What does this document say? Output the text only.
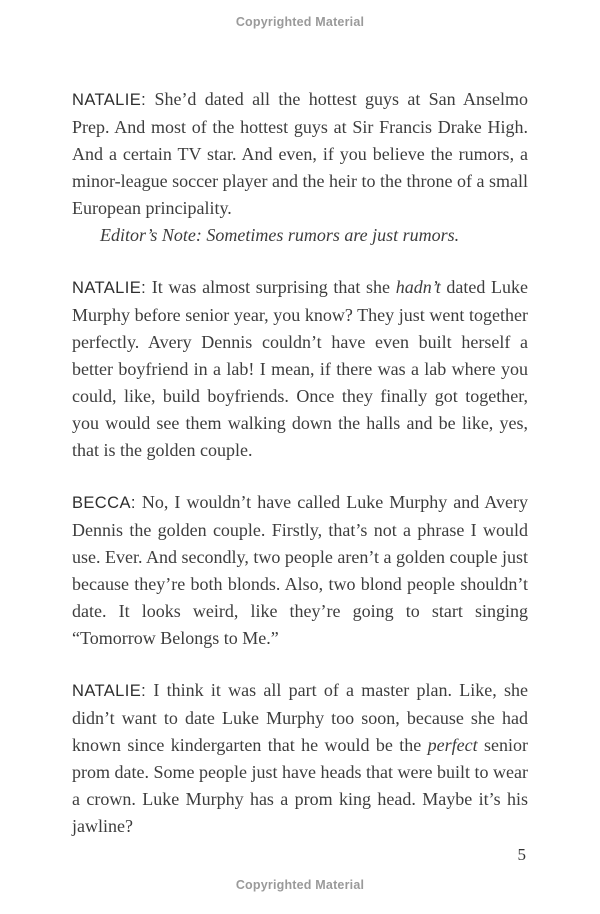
Copyrighted Material

NATALIE: She’d dated all the hottest guys at San Anselmo Prep. And most of the hottest guys at Sir Francis Drake High. And a certain TV star. And even, if you believe the rumors, a minor-league soccer player and the heir to the throne of a small European principality.

Editor’s Note: Sometimes rumors are just rumors.

NATALIE: It was almost surprising that she hadn’t dated Luke Murphy before senior year, you know? They just went together perfectly. Avery Dennis couldn’t have even built herself a better boyfriend in a lab! I mean, if there was a lab where you could, like, build boyfriends. Once they finally got together, you would see them walking down the halls and be like, yes, that is the golden couple.

BECCA: No, I wouldn’t have called Luke Murphy and Avery Dennis the golden couple. Firstly, that’s not a phrase I would use. Ever. And secondly, two people aren’t a golden couple just because they’re both blonds. Also, two blond people shouldn’t date. It looks weird, like they’re going to start singing “Tomorrow Belongs to Me.”

NATALIE: I think it was all part of a master plan. Like, she didn’t want to date Luke Murphy too soon, because she had known since kindergarten that he would be the perfect senior prom date. Some people just have heads that were built to wear a crown. Luke Murphy has a prom king head. Maybe it’s his jawline?

5
Copyrighted Material
